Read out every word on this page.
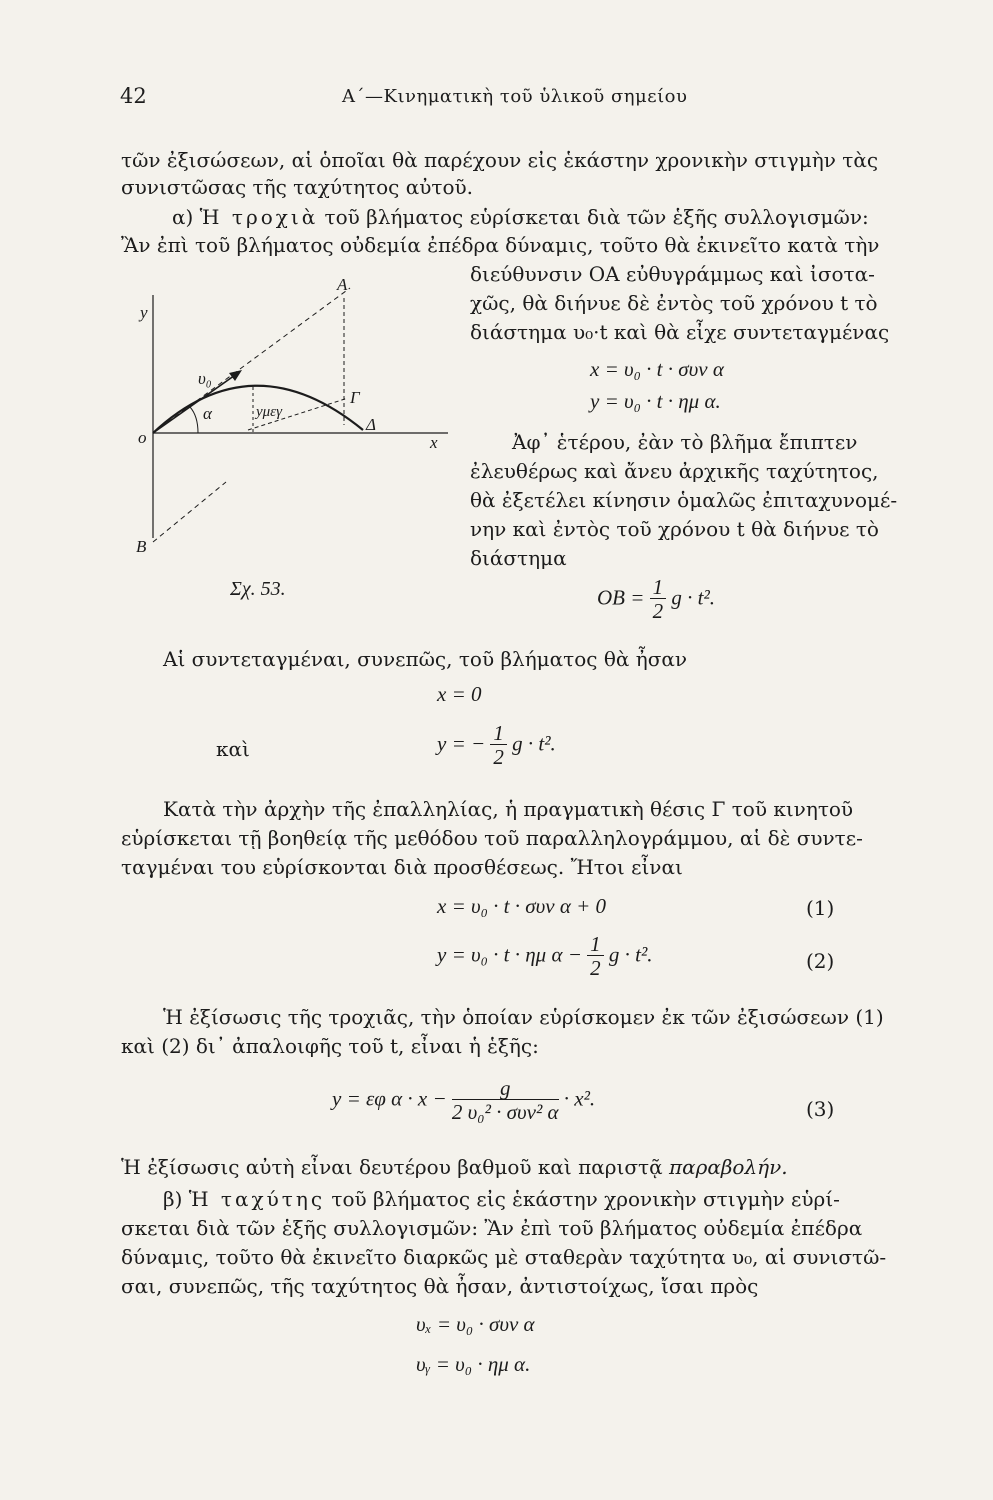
42	Α΄—Κινηματικὴ τοῦ ὑλικοῦ σημείου
τῶν ἐξισώσεων, αἱ ὁποῖαι θὰ παρέχουν εἰς ἑκάστην χρονικὴν στιγμὴν τὰς
συνιστῶσας τῆς ταχύτητος αὐτοῦ.
α) Ἡ τροχιὰ τοῦ βλήματος εὑρίσκεται διὰ τῶν ἑξῆς συλλογισμῶν:
Ἂν ἐπὶ τοῦ βλήματος οὐδεμία ἐπέδρα δύναμις, τοῦτο θὰ ἐκινεῖτο κατὰ τὴν
διεύθυνσιν ΟΑ εὐθυγράμμως καὶ ἰσοτα-
χῶς, θὰ διήνυε δὲ ἐντὸς τοῦ χρόνου t τὸ
διάστημα υ₀·t καὶ θὰ εἶχε συντεταγμένας
x = υ₀ · t · συν α
y = υ₀ · t · ημ α.
Ἀφ᾽ ἑτέρου, ἐὰν τὸ βλῆμα ἔπιπτεν
ἐλευθέρως καὶ ἄνευ ἀρχικῆς ταχύτητος,
θὰ ἐξετέλει κίνησιν ὁμαλῶς ἐπιταχυνομέ-
νην καὶ ἐντὸς τοῦ χρόνου t θὰ διήνυε τὸ
διάστημα
OB = $\frac{1}{2}$ g · t².
A
y
υ₀
α	yμεγ
Γ
Δ
o	x
B
Σχ. 53.
Αἱ συντεταγμέναι, συνεπῶς, τοῦ βλήματος θὰ ἦσαν
x = 0
καὶ	y = − $\frac{1}{2}$ g · t².
Κατὰ τὴν ἀρχὴν τῆς ἐπαλληλίας, ἡ πραγματικὴ θέσις Γ τοῦ κινητοῦ
εὑρίσκεται τῇ βοηθείᾳ τῆς μεθόδου τοῦ παραλληλογράμμου, αἱ δὲ συντε-
ταγμέναι του εὑρίσκονται διὰ προσθέσεως. Ἤτοι εἶναι
x = υ₀ · t · συν α + 0	(1)
y = υ₀ · t · ημ $\alpha - \frac{1}{2}$ g · t².	(2)
Ἡ ἐξίσωσις τῆς τροχιᾶς, τὴν ὁποίαν εὑρίσκομεν ἐκ τῶν ἐξισώσεων (1)
καὶ (2) δι᾽ ἀπαλοιφῆς τοῦ t, εἶναι ἡ ἑξῆς:
y = εφ $\alpha \cdot x - \frac{g}{\text{2 υ₀² · συν² α}} \cdot x^2$.	(3)
Ἡ ἐξίσωσις αὐτὴ εἶναι δευτέρου βαθμοῦ καὶ παριστᾷ παραβολήν.
β) Ἡ ταχύτης τοῦ βλήματος εἰς ἑκάστην χρονικὴν στιγμὴν εὑρί-
σκεται διὰ τῶν ἑξῆς συλλογισμῶν: Ἂν ἐπὶ τοῦ βλήματος οὐδεμία ἐπέδρα
δύναμις, τοῦτο θὰ ἐκινεῖτο διαρκῶς μὲ σταθερὰν ταχύτητα υ₀, αἱ συνιστῶ-
σαι, συνεπῶς, τῆς ταχύτητος θὰ ἦσαν, ἀντιστοίχως, ἴσαι πρὸς
υₓ = υ₀ · συν α
υᵧ = υ₀ · ημ α.
